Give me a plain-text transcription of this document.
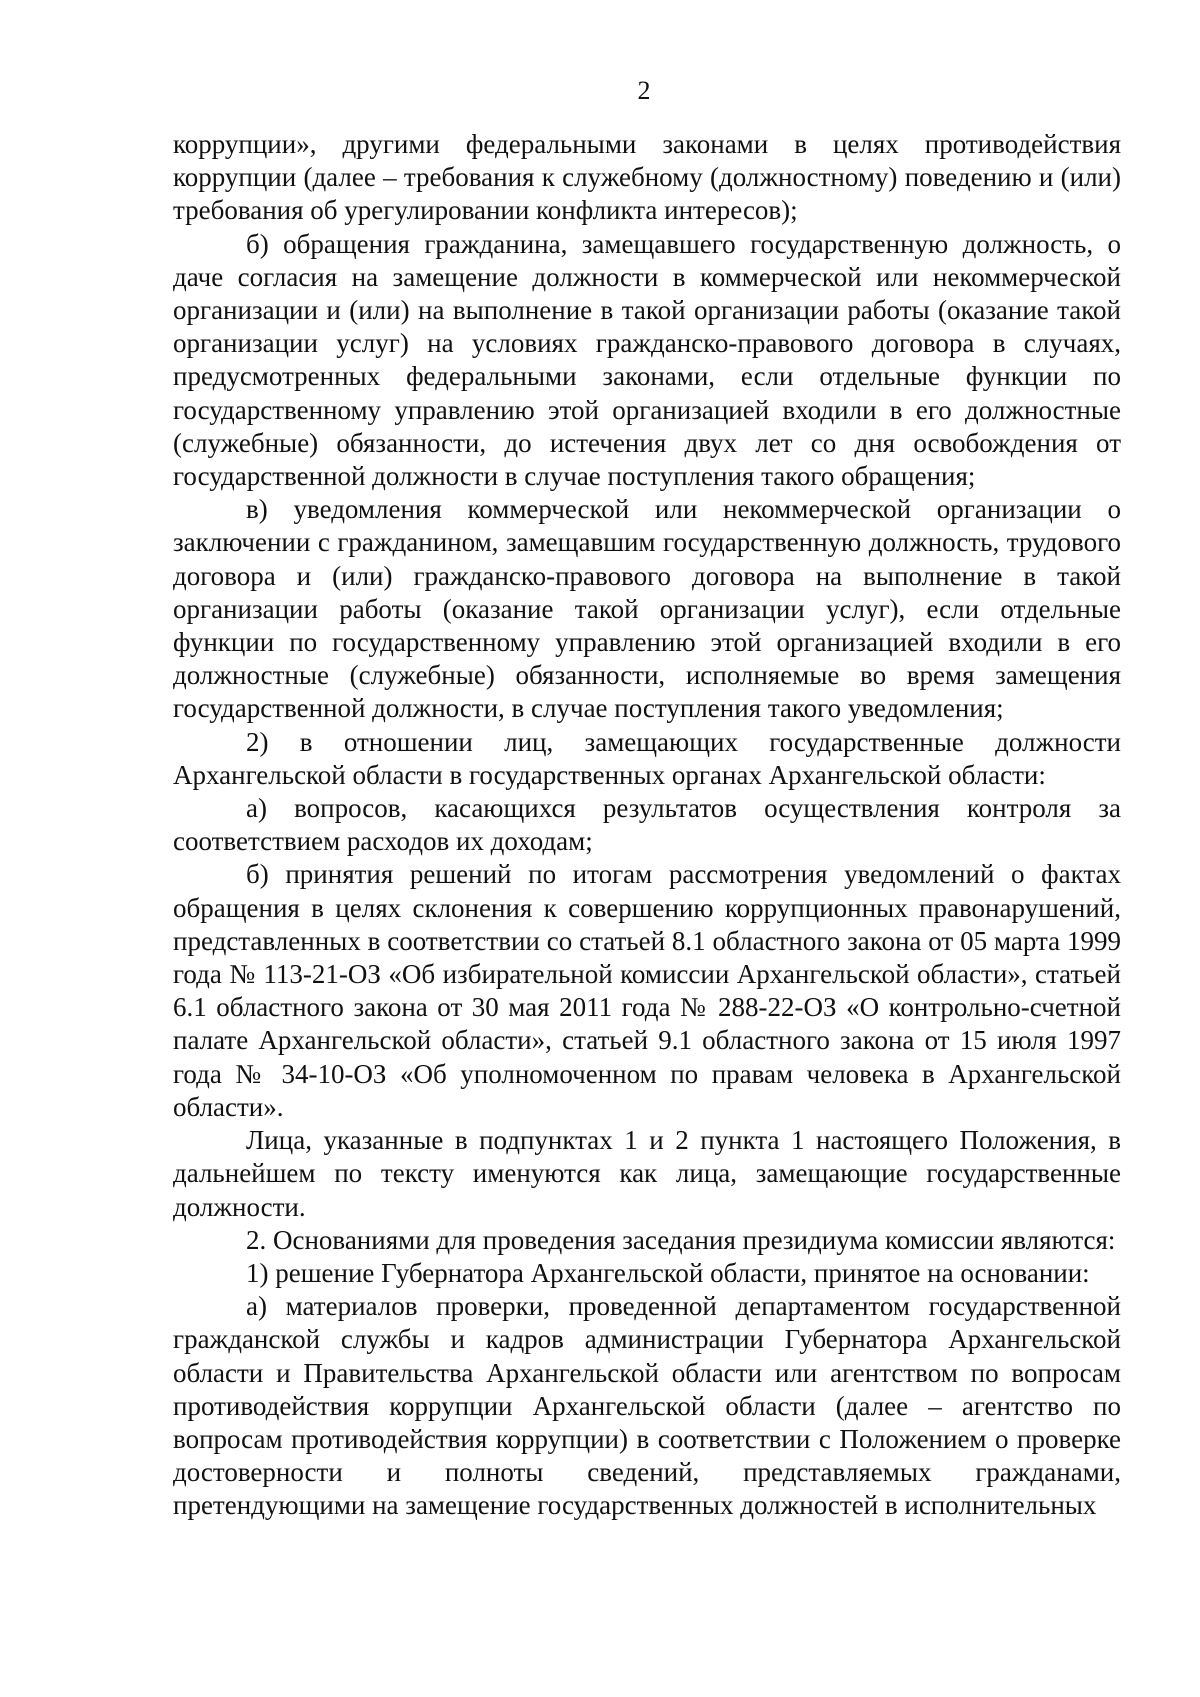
2

коррупции», другими федеральными законами в целях противодействия коррупции (далее – требования к служебному (должностному) поведению и (или) требования об урегулировании конфликта интересов);

б) обращения гражданина, замещавшего государственную должность, о даче согласия на замещение должности в коммерческой или некоммерческой организации и (или) на выполнение в такой организации работы (оказание такой организации услуг) на условиях гражданско-правового договора в случаях, предусмотренных федеральными законами, если отдельные функции по государственному управлению этой организацией входили в его должностные (служебные) обязанности, до истечения двух лет со дня освобождения от государственной должности в случае поступления такого обращения;

в) уведомления коммерческой или некоммерческой организации о заключении с гражданином, замещавшим государственную должность, трудового договора и (или) гражданско-правового договора на выполнение в такой организации работы (оказание такой организации услуг), если отдельные функции по государственному управлению этой организацией входили в его должностные (служебные) обязанности, исполняемые во время замещения государственной должности, в случае поступления такого уведомления;

2) в отношении лиц, замещающих государственные должности Архангельской области в государственных органах Архангельской области:

а) вопросов, касающихся результатов осуществления контроля за соответствием расходов их доходам;

б) принятия решений по итогам рассмотрения уведомлений о фактах обращения в целях склонения к совершению коррупционных правонарушений, представленных в соответствии со статьей 8.1 областного закона от 05 марта 1999 года № 113-21-ОЗ «Об избирательной комиссии Архангельской области», статьей 6.1 областного закона от 30 мая 2011 года № 288-22-ОЗ «О контрольно-счетной палате Архангельской области», статьей 9.1 областного закона от 15 июля 1997 года № 34-10-ОЗ «Об уполномоченном по правам человека в Архангельской области».

Лица, указанные в подпунктах 1 и 2 пункта 1 настоящего Положения, в дальнейшем по тексту именуются как лица, замещающие государственные должности.

2. Основаниями для проведения заседания президиума комиссии являются:

1) решение Губернатора Архангельской области, принятое на основании:

а) материалов проверки, проведенной департаментом государственной гражданской службы и кадров администрации Губернатора Архангельской области и Правительства Архангельской области или агентством по вопросам противодействия коррупции Архангельской области (далее – агентство по вопросам противодействия коррупции) в соответствии с Положением о проверке достоверности и полноты сведений, представляемых гражданами, претендующими на замещение государственных должностей в исполнительных
